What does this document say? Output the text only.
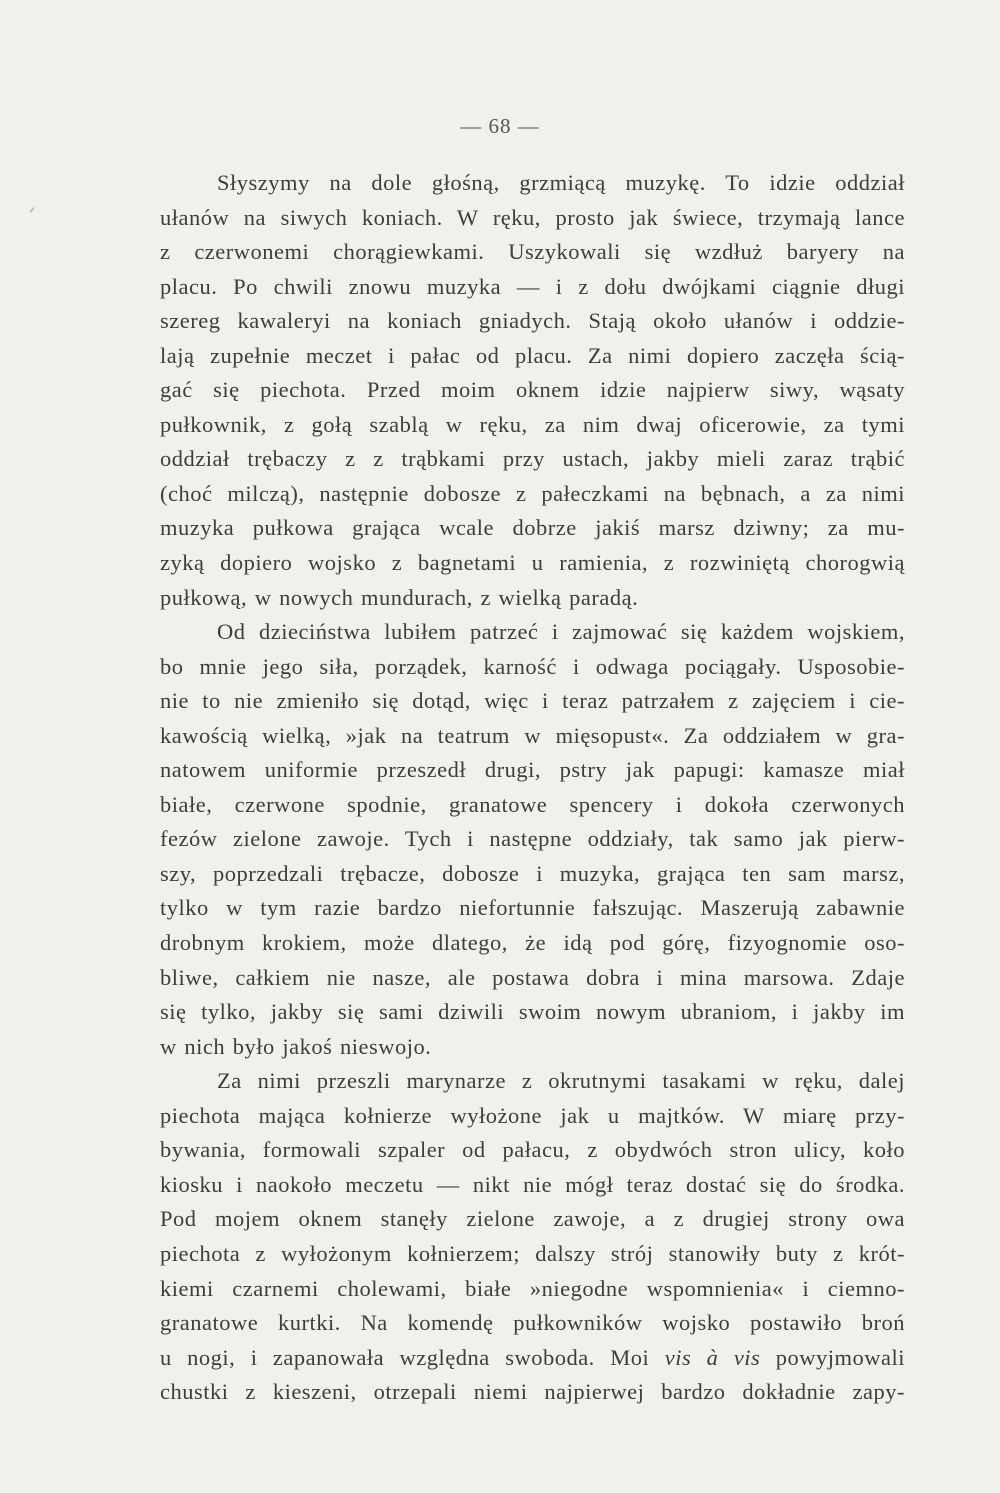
— 68 —
Słyszymy na dole głośną, grzmiącą muzykę. To idzie oddział
ułanów na siwych koniach. W ręku, prosto jak świece, trzymają lance
z czerwonemi chorągiewkami. Uszykowali się wzdłuż baryery na
placu. Po chwili znowu muzyka — i z dołu dwójkami ciągnie długi
szereg kawaleryi na koniach gniadych. Stają około ułanów i oddzie-
lają zupełnie meczet i pałac od placu. Za nimi dopiero zaczęła ścią-
gać się piechota. Przed moim oknem idzie najpierw siwy, wąsaty
pułkownik, z gołą szablą w ręku, za nim dwaj oficerowie, za tymi
oddział trębaczy z z trąbkami przy ustach, jakby mieli zaraz trąbić
(choć milczą), następnie dobosze z pałeczkami na bębnach, a za nimi
muzyka pułkowa grająca wcale dobrze jakiś marsz dziwny; za mu-
zyką dopiero wojsko z bagnetami u ramienia, z rozwiniętą chorogwią
pułkową, w nowych mundurach, z wielką paradą.
Od dzieciństwa lubiłem patrzeć i zajmować się każdem wojskiem,
bo mnie jego siła, porządek, karność i odwaga pociągały. Usposobie-
nie to nie zmieniło się dotąd, więc i teraz patrzałem z zajęciem i cie-
kawością wielką, »jak na teatrum w mięsopust«. Za oddziałem w gra-
natowem uniformie przeszedł drugi, pstry jak papugi: kamasze miał
białe, czerwone spodnie, granatowe spencery i dokoła czerwonych
fezów zielone zawoje. Tych i następne oddziały, tak samo jak pierw-
szy, poprzedzali trębacze, dobosze i muzyka, grająca ten sam marsz,
tylko w tym razie bardzo niefortunnie fałszując. Maszerują zabawnie
drobnym krokiem, może dlatego, że idą pod górę, fizyognomie oso-
bliwe, całkiem nie nasze, ale postawa dobra i mina marsowa. Zdaje
się tylko, jakby się sami dziwili swoim nowym ubraniom, i jakby im
w nich było jakoś nieswojo.
Za nimi przeszli marynarze z okrutnymi tasakami w ręku, dalej
piechota mająca kołnierze wyłożone jak u majtków. W miarę przy-
bywania, formowali szpaler od pałacu, z obydwóch stron ulicy, koło
kiosku i naokoło meczetu — nikt nie mógł teraz dostać się do środka.
Pod mojem oknem stanęły zielone zawoje, a z drugiej strony owa
piechota z wyłożonym kołnierzem; dalszy strój stanowiły buty z krót-
kiemi czarnemi cholewami, białe »niegodne wspomnienia« i ciemno-
granatowe kurtki. Na komendę pułkowników wojsko postawiło broń
u nogi, i zapanowała względna swoboda. Moi vis à vis powyjmowali
chustki z kieszeni, otrzepali niemi najpierwej bardzo dokładnie zapy-
